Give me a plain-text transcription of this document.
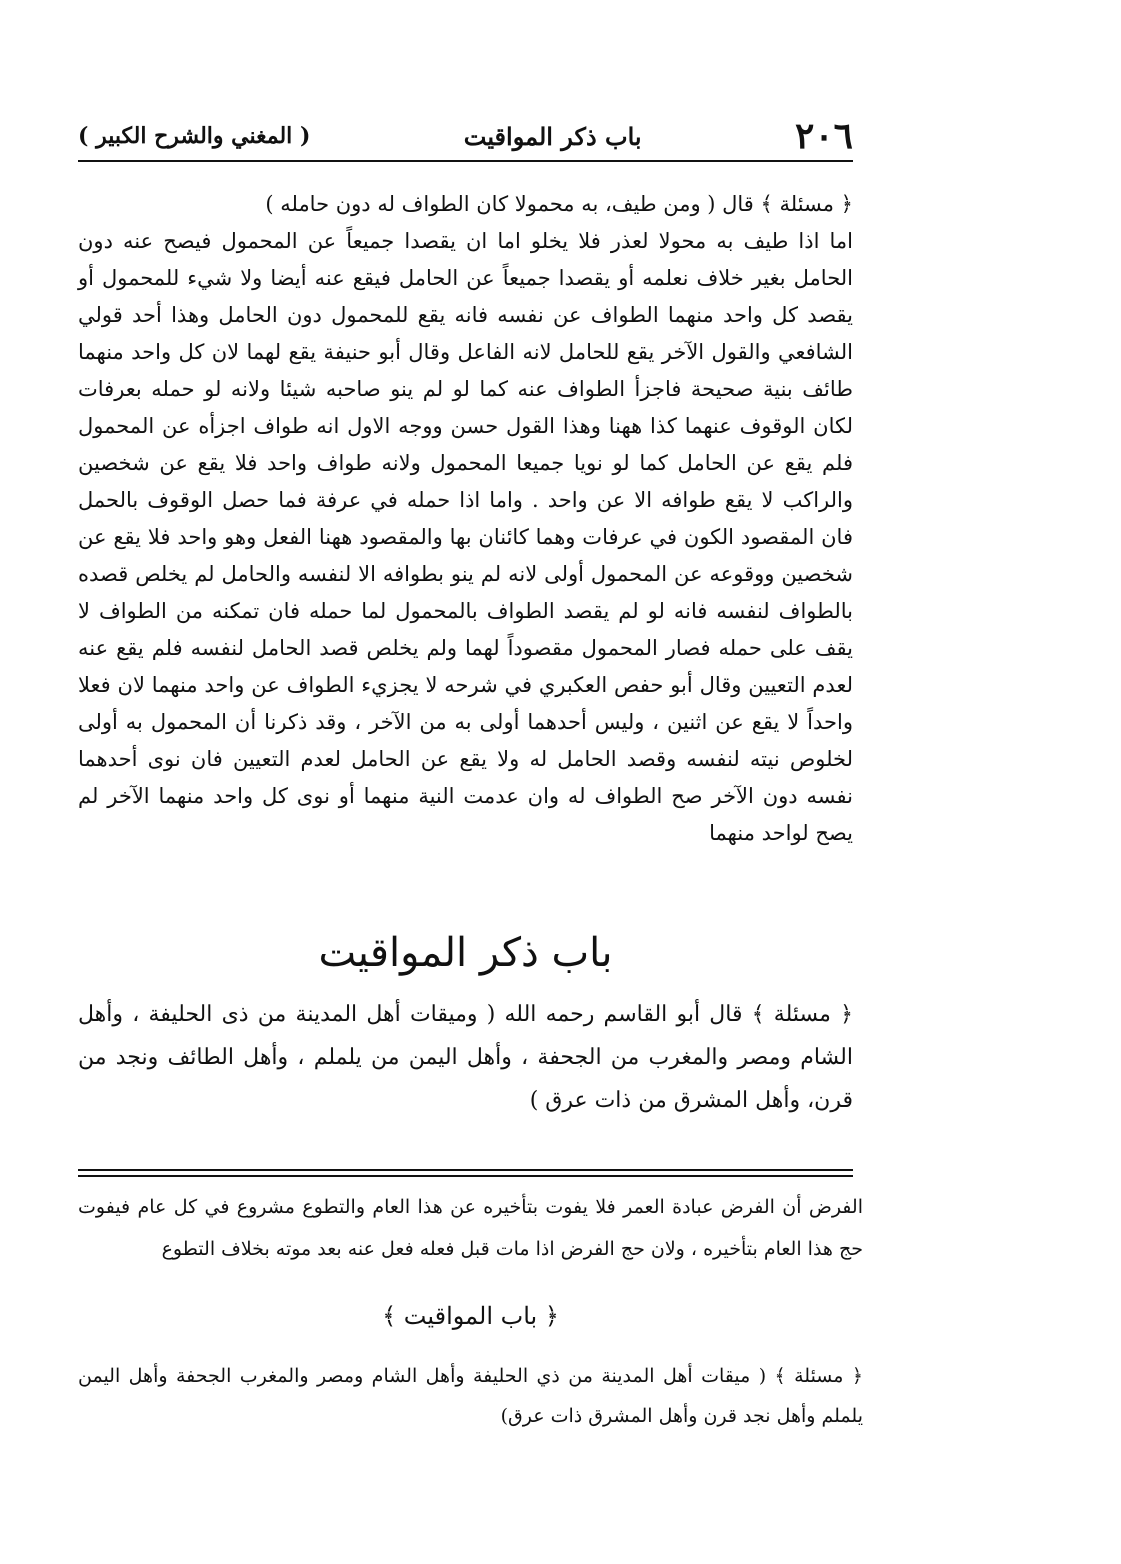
٢٠٦
باب ذكر المواقيت
( المغني والشرح الكبير )

﴿ مسئلة ﴾ قال ( ومن طيف، به محمولا كان الطواف له دون حامله )

اما اذا طيف به محولا لعذر فلا يخلو اما ان يقصدا جميعاً عن المحمول فيصح عنه دون الحامل بغير خلاف نعلمه أو يقصدا جميعاً عن الحامل فيقع عنه أيضا ولا شيء للمحمول أو يقصد كل واحد منهما الطواف عن نفسه فانه يقع للمحمول دون الحامل وهذا أحد قولي الشافعي والقول الآخر يقع للحامل لانه الفاعل وقال أبو حنيفة يقع لهما لان كل واحد منهما طائف بنية صحيحة فاجزأ الطواف عنه كما لو لم ينو صاحبه شيئا ولانه لو حمله بعرفات لكان الوقوف عنهما كذا ههنا وهذا القول حسن ووجه الاول انه طواف اجزأه عن المحمول فلم يقع عن الحامل كما لو نويا جميعا المحمول ولانه طواف واحد فلا يقع عن شخصين والراكب لا يقع طوافه الا عن واحد . واما اذا حمله في عرفة فما حصل الوقوف بالحمل فان المقصود الكون في عرفات وهما كائنان بها والمقصود ههنا الفعل وهو واحد فلا يقع عن شخصين ووقوعه عن المحمول أولى لانه لم ينو بطوافه الا لنفسه والحامل لم يخلص قصده بالطواف لنفسه فانه لو لم يقصد الطواف بالمحمول لما حمله فان تمكنه من الطواف لا يقف على حمله فصار المحمول مقصوداً لهما ولم يخلص قصد الحامل لنفسه فلم يقع عنه لعدم التعيين وقال أبو حفص العكبري في شرحه لا يجزيء الطواف عن واحد منهما لان فعلا واحداً لا يقع عن اثنين ، وليس أحدهما أولى به من الآخر ، وقد ذكرنا أن المحمول به أولى لخلوص نيته لنفسه وقصد الحامل له ولا يقع عن الحامل لعدم التعيين فان نوى أحدهما نفسه دون الآخر صح الطواف له وان عدمت النية منهما أو نوى كل واحد منهما الآخر لم يصح لواحد منهما

باب ذكر المواقيت

﴿ مسئلة ﴾ قال أبو القاسم رحمه الله ( وميقات أهل المدينة من ذى الحليفة ، وأهل الشام ومصر والمغرب من الجحفة ، وأهل اليمن من يلملم ، وأهل الطائف ونجد من قرن، وأهل المشرق من ذات عرق )

الفرض أن الفرض عبادة العمر فلا يفوت بتأخيره عن هذا العام والتطوع مشروع في كل عام فيفوت حج هذا العام بتأخيره ، ولان حج الفرض اذا مات قبل فعله فعل عنه بعد موته بخلاف التطوع

﴿ باب المواقيت ﴾

﴿ مسئلة ﴾ ( ميقات أهل المدينة من ذي الحليفة وأهل الشام ومصر والمغرب الجحفة وأهل اليمن يلملم وأهل نجد قرن وأهل المشرق ذات عرق)
